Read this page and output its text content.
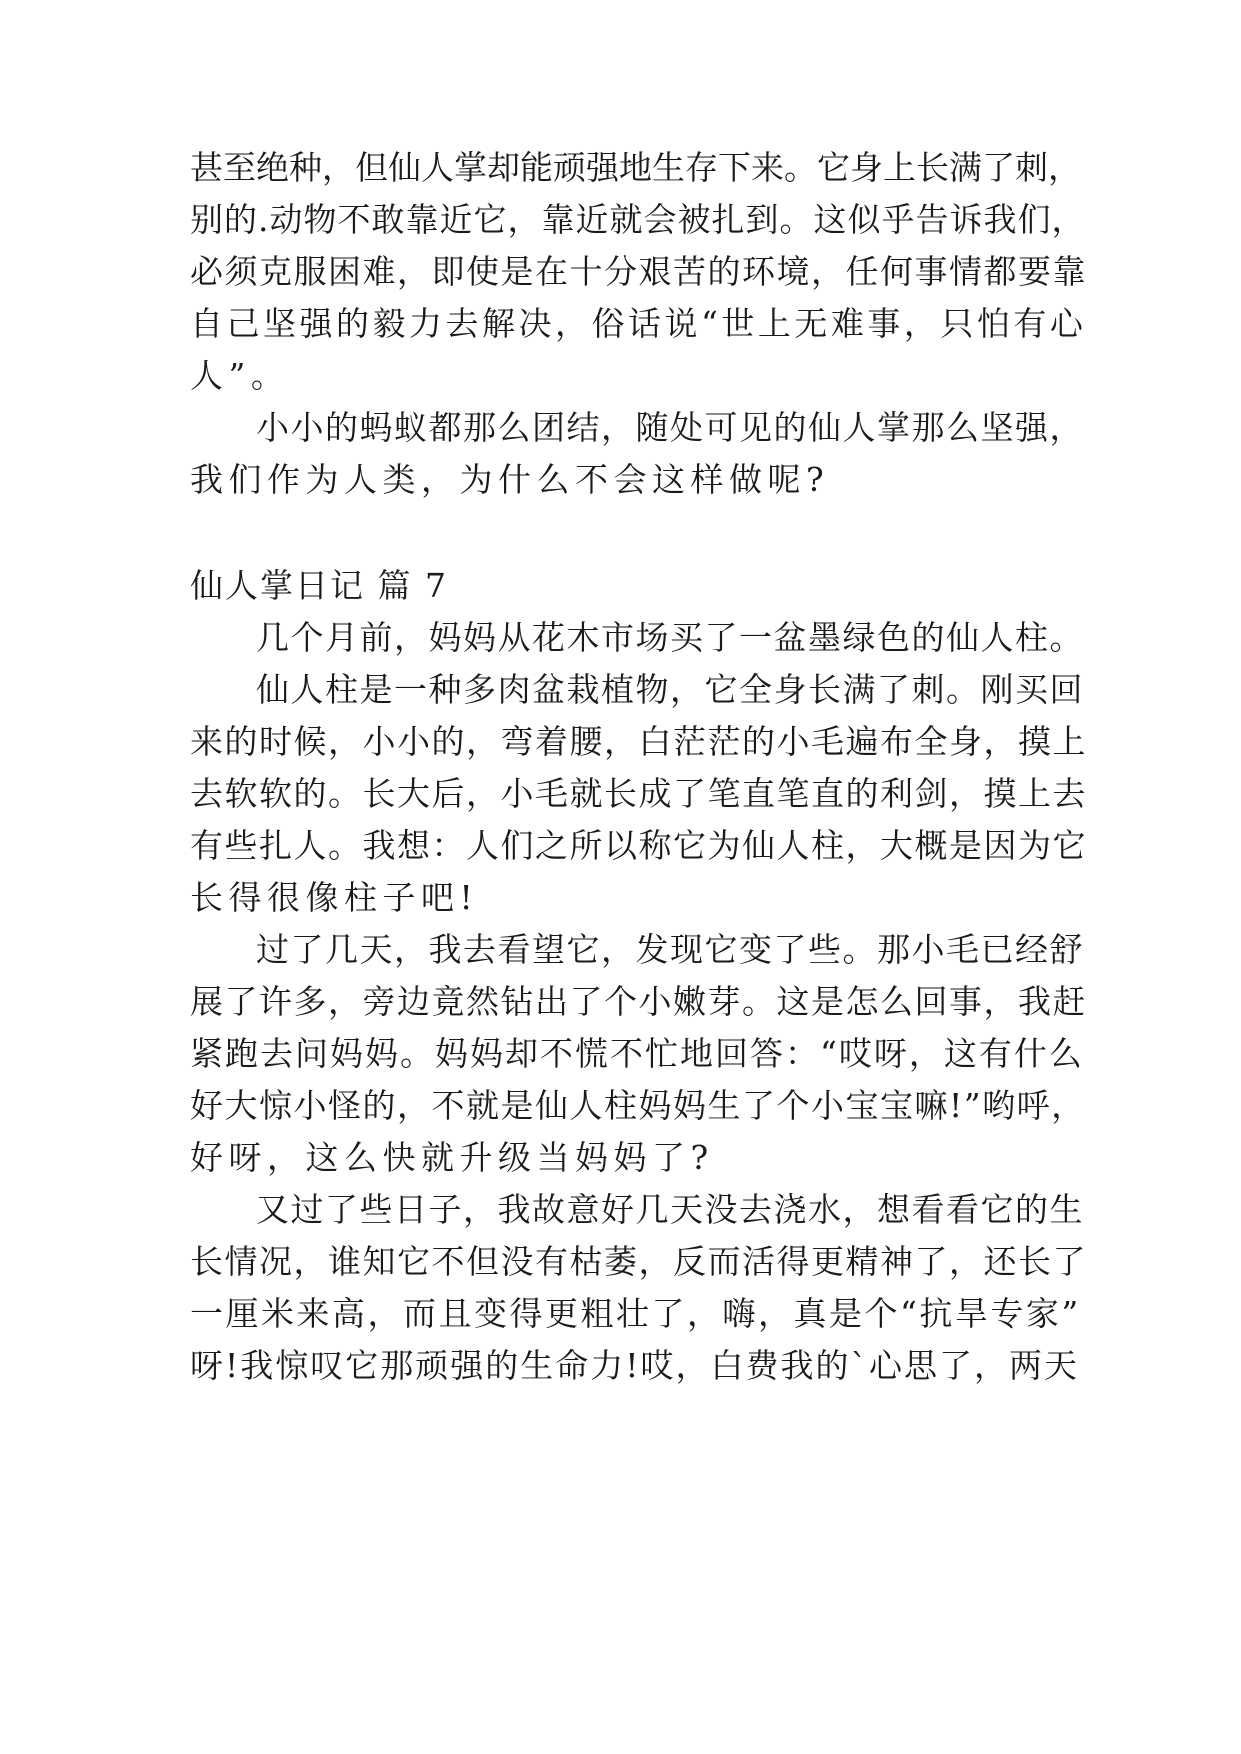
甚至绝种，但仙人掌却能顽强地生存下来。它身上长满了刺，
别的.动物不敢靠近它，靠近就会被扎到。这似乎告诉我们，
必须克服困难，即使是在十分艰苦的环境，任何事情都要靠
自己坚强的毅力去解决，俗话说“世上无难事，只怕有心
人”。
小小的蚂蚁都那么团结，随处可见的仙人掌那么坚强，
我们作为人类，为什么不会这样做呢?
仙人掌日记 篇 7
几个月前，妈妈从花木市场买了一盆墨绿色的仙人柱。
仙人柱是一种多肉盆栽植物，它全身长满了刺。刚买回
来的时候，小小的，弯着腰，白茫茫的小毛遍布全身，摸上
去软软的。长大后，小毛就长成了笔直笔直的利剑，摸上去
有些扎人。我想：人们之所以称它为仙人柱，大概是因为它
长得很像柱子吧!
过了几天，我去看望它，发现它变了些。那小毛已经舒
展了许多，旁边竟然钻出了个小嫩芽。这是怎么回事，我赶
紧跑去问妈妈。妈妈却不慌不忙地回答：“哎呀，这有什么
好大惊小怪的，不就是仙人柱妈妈生了个小宝宝嘛!”哟呼，
好呀，这么快就升级当妈妈了?
又过了些日子，我故意好几天没去浇水，想看看它的生
长情况，谁知它不但没有枯萎，反而活得更精神了，还长了
一厘米来高，而且变得更粗壮了，嗨，真是个“抗旱专家”
呀!我惊叹它那顽强的生命力!哎，白费我的`心思了，两天
